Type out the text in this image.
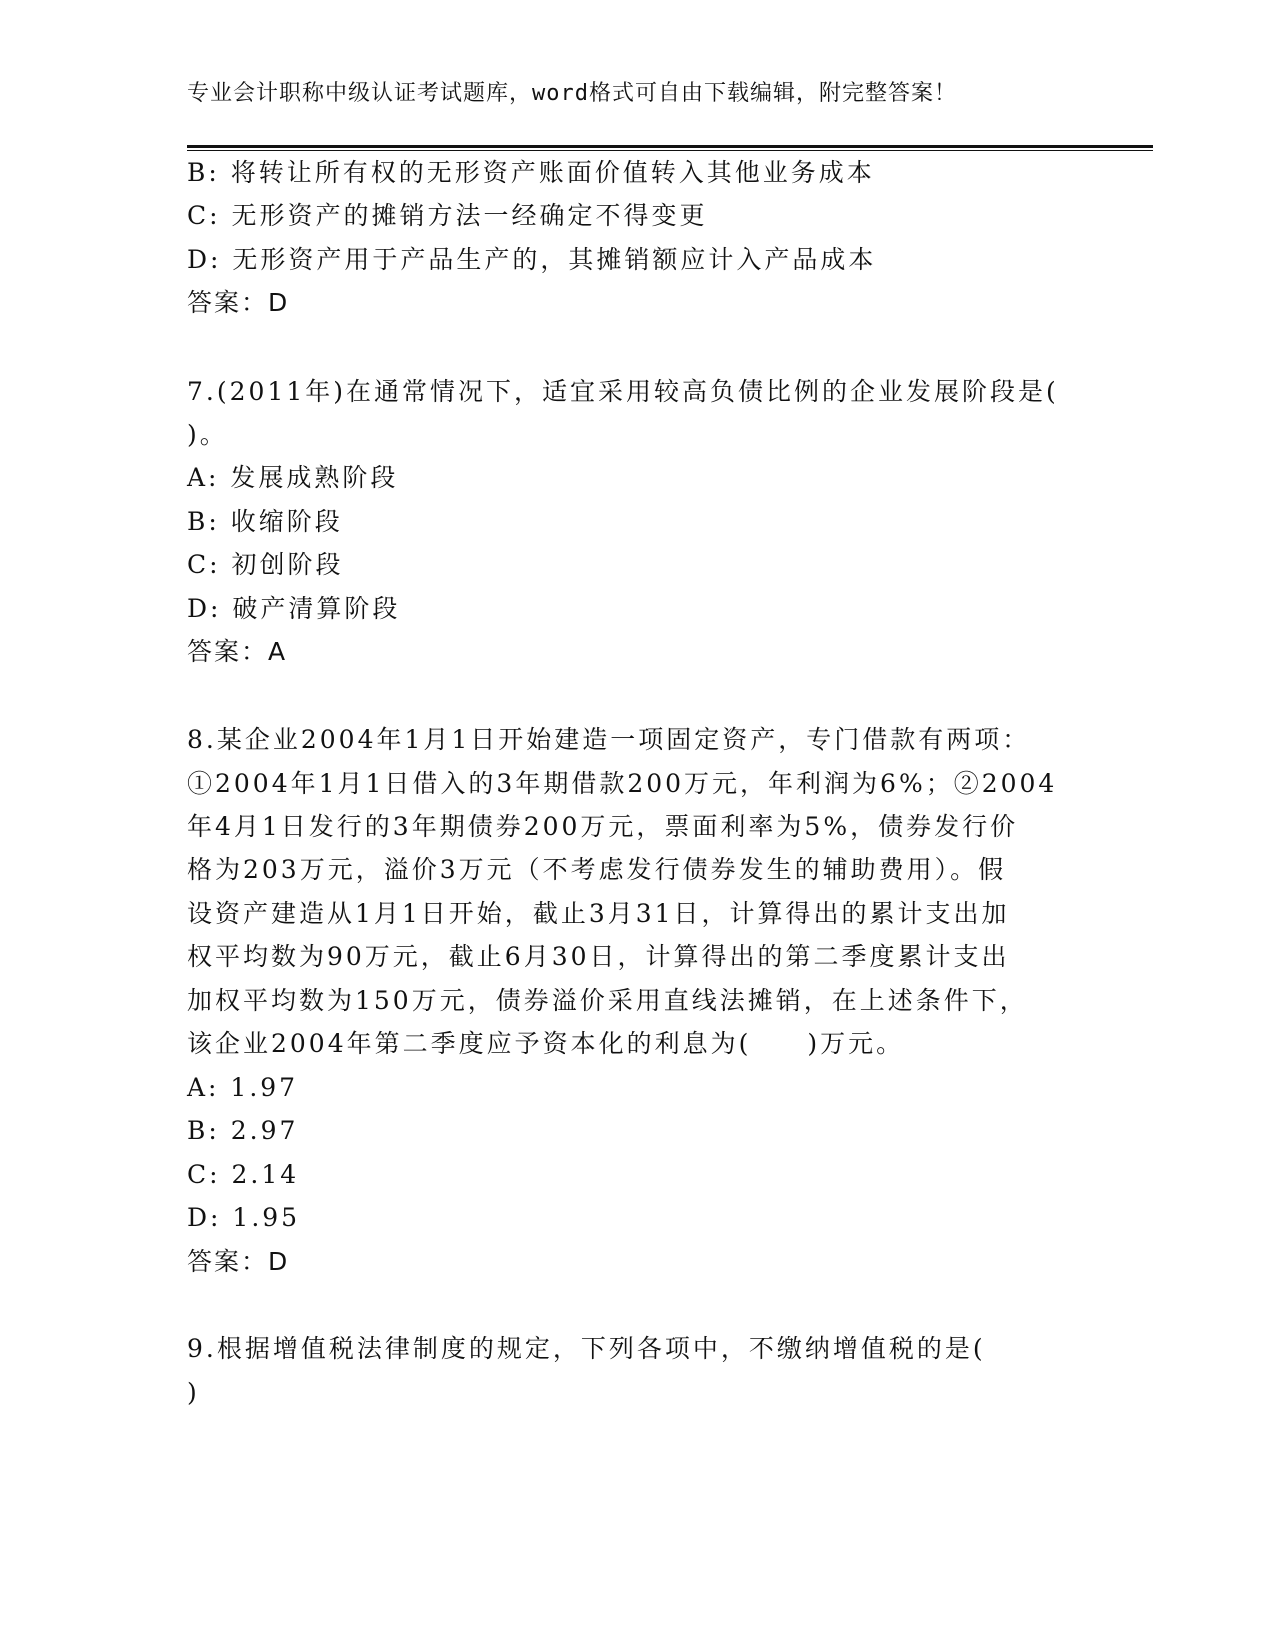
专业会计职称中级认证考试题库，word格式可自由下载编辑，附完整答案！
B: 将转让所有权的无形资产账面价值转入其他业务成本
C: 无形资产的摊销方法一经确定不得变更
D: 无形资产用于产品生产的，其摊销额应计入产品成本
答案：D
7.(2011年)在通常情况下，适宜采用较高负债比例的企业发展阶段是(
)。
A: 发展成熟阶段
B: 收缩阶段
C: 初创阶段
D: 破产清算阶段
答案：A
8.某企业2004年1月1日开始建造一项固定资产，专门借款有两项：
①2004年1月1日借入的3年期借款200万元，年利润为6%；②2004
年4月1日发行的3年期债券200万元，票面利率为5%，债券发行价
格为203万元，溢价3万元（不考虑发行债券发生的辅助费用）。假
设资产建造从1月1日开始，截止3月31日，计算得出的累计支出加
权平均数为90万元，截止6月30日，计算得出的第二季度累计支出
加权平均数为150万元，债券溢价采用直线法摊销，在上述条件下，
该企业2004年第二季度应予资本化的利息为(　　)万元。
A: 1.97
B: 2.97
C: 2.14
D: 1.95
答案：D
9.根据增值税法律制度的规定，下列各项中，不缴纳增值税的是(
)
